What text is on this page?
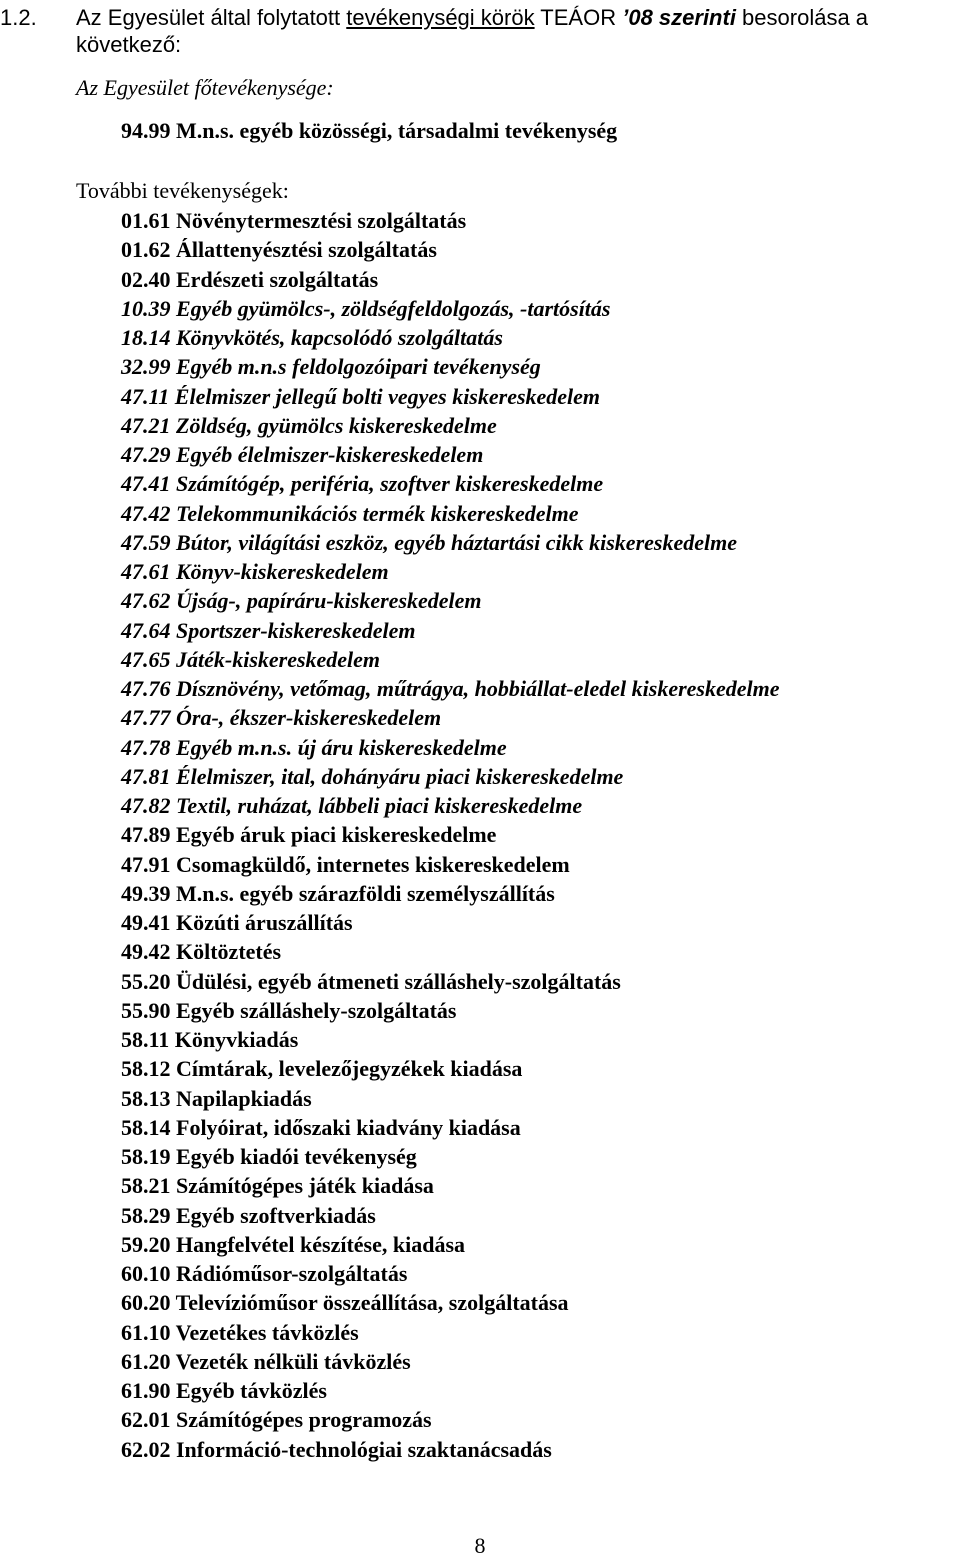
1.2. Az Egyesület által folytatott tevékenységi körök TEÁOR ’08 szerinti besorolása a következő:
Az Egyesület főtevékenysége:
94.99 M.n.s. egyéb közösségi, társadalmi tevékenység
További tevékenységek:
01.61 Növénytermesztési szolgáltatás
01.62 Állattenyésztési szolgáltatás
02.40 Erdészeti szolgáltatás
10.39 Egyéb gyümölcs-, zöldségfeldolgozás, -tartósítás
18.14 Könyvkötés, kapcsolódó szolgáltatás
32.99 Egyéb m.n.s feldolgozóipari tevékenység
47.11 Élelmiszer jellegű bolti vegyes kiskereskedelem
47.21 Zöldség, gyümölcs kiskereskedelme
47.29 Egyéb élelmiszer-kiskereskedelem
47.41 Számítógép, periféria, szoftver kiskereskedelme
47.42 Telekommunikációs termék kiskereskedelme
47.59 Bútor, világítási eszköz, egyéb háztartási cikk kiskereskedelme
47.61 Könyv-kiskereskedelem
47.62 Újság-, papíráru-kiskereskedelem
47.64 Sportszer-kiskereskedelem
47.65 Játék-kiskereskedelem
47.76 Dísznövény, vetőmag, műtrágya, hobbiállat-eledel kiskereskedelme
47.77 Óra-, ékszer-kiskereskedelem
47.78 Egyéb m.n.s. új áru kiskereskedelme
47.81 Élelmiszer, ital, dohányáru piaci kiskereskedelme
47.82 Textil, ruházat, lábbeli piaci kiskereskedelme
47.89 Egyéb áruk piaci kiskereskedelme
47.91 Csomagküldő, internetes kiskereskedelem
49.39 M.n.s. egyéb szárazföldi személyszállítás
49.41 Közúti áruszállítás
49.42 Költöztetés
55.20 Üdülési, egyéb átmeneti szálláshely-szolgáltatás
55.90 Egyéb szálláshely-szolgáltatás
58.11 Könyvkiadás
58.12 Címtárak, levelezőjegyzékek kiadása
58.13 Napilapkiadás
58.14 Folyóirat, időszaki kiadvány kiadása
58.19 Egyéb kiadói tevékenység
58.21 Számítógépes játék kiadása
58.29 Egyéb szoftverkiadás
59.20 Hangfelvétel készítése, kiadása
60.10 Rádióműsor-szolgáltatás
60.20 Televízióműsor összeállítása, szolgáltatása
61.10 Vezetékes távközlés
61.20 Vezeték nélküli távközlés
61.90 Egyéb távközlés
62.01 Számítógépes programozás
62.02 Információ-technológiai szaktanácsadás
8
